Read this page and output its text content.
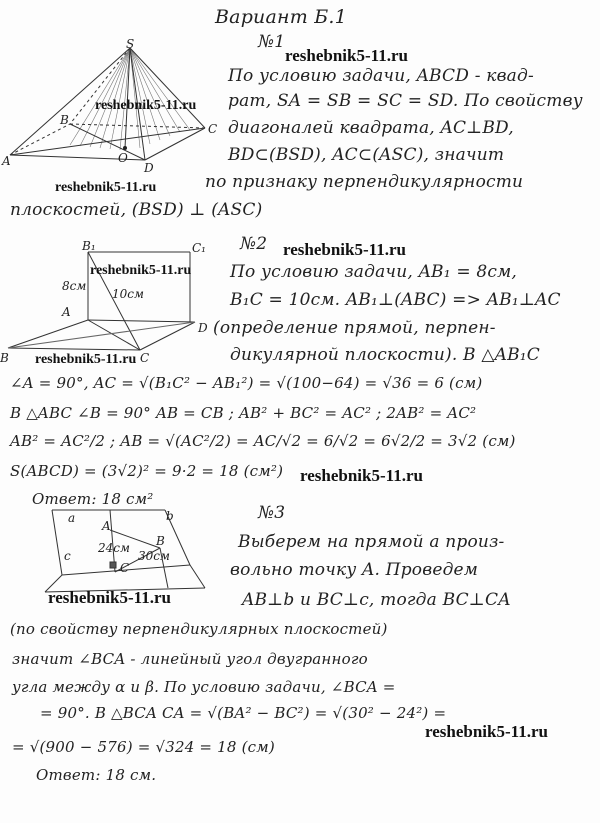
Вариант Б.1
№1
S
A
B
C
O
D
reshebnik5-11.ru
reshebnik5-11.ru
reshebnik5-11.ru
По условию задачи, ABCD - квад-
рат, SA = SB = SC = SD. По свойству
диагоналей квадрата, AC⊥BD,
BD⊂(BSD), AC⊂(ASC), значит
по признаку перпендикулярности
плоскостей, (BSD) ⊥ (ASC)
№2 reshebnik5-11.ru
B₁	C₁
A
B	C
D
8см
10см
reshebnik5-11.ru По условию задачи, AB₁ = 8см,
B₁C = 10см. AB₁⊥(ABC) => AB₁⊥AC
(определение прямой, перпен-
дикулярной плоскости). В △AB₁C
reshebnik5-11.ru
∠A = 90°, AC = √(B₁C² − AB₁²) = √(100−64) = √36 = 6 (см)
В △ABC ∠B = 90° AB = CB ; AB² + BC² = AC² ; 2AB² = AC²
AB² = AC²/2 ; AB = √(AC²/2) = AC/√2 = 6/√2 = 6√2/2 = 3√2 (см)
S(ABCD) = (3√2)² = 9·2 = 18 (см²) reshebnik5-11.ru
Ответ: 18 см²
№3
a	b
c
A
B
C
24см
30см
Выберем на прямой a произ-
вольно точку A. Проведем
reshebnik5-11.ru	AB⊥b и BC⊥c, тогда BC⊥CA
(по свойству перпендикулярных плоскостей)
значит ∠BCA - линейный угол двугранного
угла между α и β. По условию задачи, ∠BCA =
= 90°. В △BCA CA = √(BA² − BC²) = √(30² − 24²) =
reshebnik5-11.ru
= √(900 − 576) = √324 = 18 (см)
Ответ: 18 см.
